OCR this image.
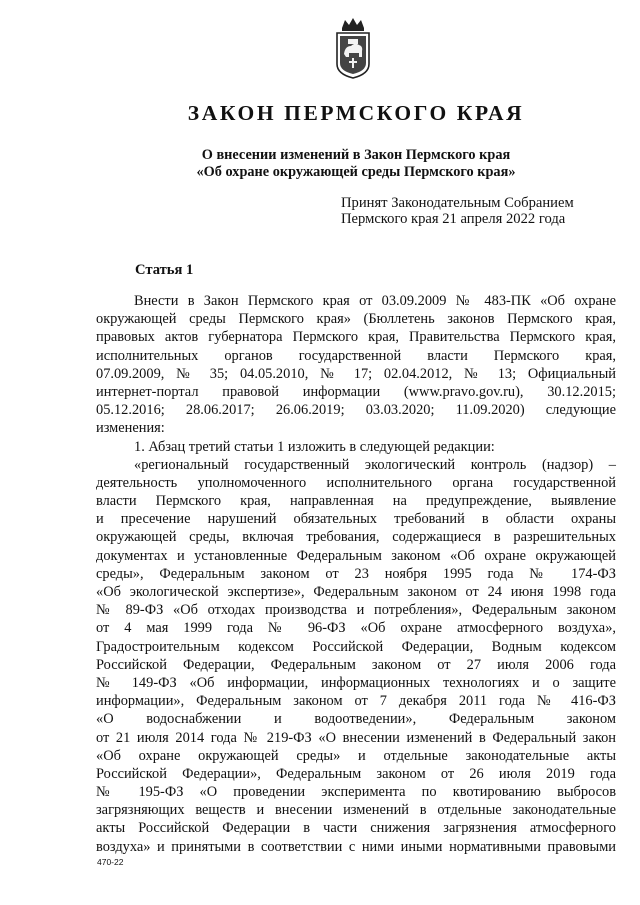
ЗАКОН ПЕРМСКОГО КРАЯ
О внесении изменений в Закон Пермского края
«Об охране окружающей среды Пермского края»
Принят Законодательным Собранием
Пермского края 21 апреля 2022 года
Статья 1
Внести в Закон Пермского края от 03.09.2009 № 483-ПК «Об охране
окружающей среды Пермского края» (Бюллетень законов Пермского края,
правовых актов губернатора Пермского края, Правительства Пермского края,
исполнительных органов государственной власти Пермского края,
07.09.2009, № 35; 04.05.2010, № 17; 02.04.2012, № 13; Официальный
интернет-портал правовой информации (www.pravo.gov.ru), 30.12.2015;
05.12.2016; 28.06.2017; 26.06.2019; 03.03.2020; 11.09.2020) следующие
изменения:
1. Абзац третий статьи 1 изложить в следующей редакции:
«региональный государственный экологический контроль (надзор) –
деятельность уполномоченного исполнительного органа государственной
власти Пермского края, направленная на предупреждение, выявление
и пресечение нарушений обязательных требований в области охраны
окружающей среды, включая требования, содержащиеся в разрешительных
документах и установленные Федеральным законом «Об охране окружающей
среды», Федеральным законом от 23 ноября 1995 года № 174-ФЗ
«Об экологической экспертизе», Федеральным законом от 24 июня 1998 года
№ 89-ФЗ «Об отходах производства и потребления», Федеральным законом
от 4 мая 1999 года № 96-ФЗ «Об охране атмосферного воздуха»,
Градостроительным кодексом Российской Федерации, Водным кодексом
Российской Федерации, Федеральным законом от 27 июля 2006 года
№ 149-ФЗ «Об информации, информационных технологиях и о защите
информации», Федеральным законом от 7 декабря 2011 года № 416-ФЗ
«О водоснабжении и водоотведении», Федеральным законом
от 21 июля 2014 года № 219-ФЗ «О внесении изменений в Федеральный закон
«Об охране окружающей среды» и отдельные законодательные акты
Российской Федерации», Федеральным законом от 26 июля 2019 года
№ 195-ФЗ «О проведении эксперимента по квотированию выбросов
загрязняющих веществ и внесении изменений в отдельные законодательные
акты Российской Федерации в части снижения загрязнения атмосферного
воздуха» и принятыми в соответствии с ними иными нормативными правовыми
470-22
